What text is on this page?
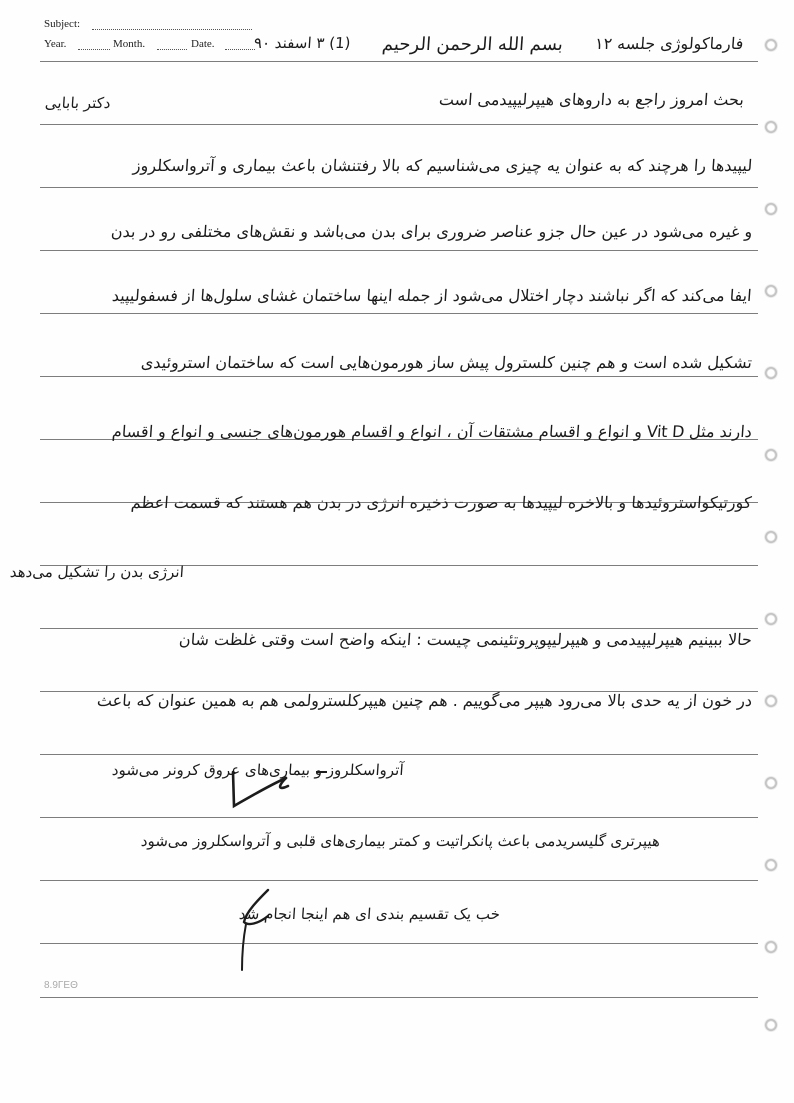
Subject:
Year.	Month.	Date.	(1) ۳ اسفند ۹۰ بسم الله الرحمن الرحیم فارماکولوژی جلسه ۱۲
دکتر بابایی	بحث امروز راجع به داروهای هیپرلیپیدمی است
لیپیدها را هرچند که به عنوان یه چیزی می‌شناسیم که بالا رفتنشان باعث بیماری و آترواسکلروز
و غیره می‌شود در عین حال جزو عناصر ضروری برای بدن می‌باشد و نقش‌های مختلفی رو در بدن
ایفا می‌کند که اگر نباشند دچار اختلال می‌شود از جمله اینها ساختمان غشای سلول‌ها از فسفولیپید
تشکیل شده است و هم چنین کلسترول پیش ساز هورمون‌هایی است که ساختمان استروئیدی
دارند مثل Vit D و انواع و اقسام مشتقات آن ، انواع و اقسام هورمون‌های جنسی و انواع و اقسام
کورتیکواستروئیدها و بالاخره لیپیدها به صورت ذخیره انرژی در بدن هم هستند که قسمت اعظم
انرژی بدن را تشکیل می‌دهد
حالا ببینیم هیپرلیپیدمی و هیپرلیپوپروتئینمی چیست : اینکه واضح است وقتی غلظت شان
در خون از یه حدی بالا می‌رود هیپر می‌گوییم . هم چنین هیپرکلسترولمی هم به همین عنوان که باعث
آترواسکلروز و بیماری‌های عروق کرونر می‌شود
هیپرتری گلیسریدمی باعث پانکراتیت و کمتر بیماری‌های قلبی و آترواسکلروز می‌شود
خب یک تقسیم بندی ای هم اینجا انجام شد
8.9ΓΕΘ
